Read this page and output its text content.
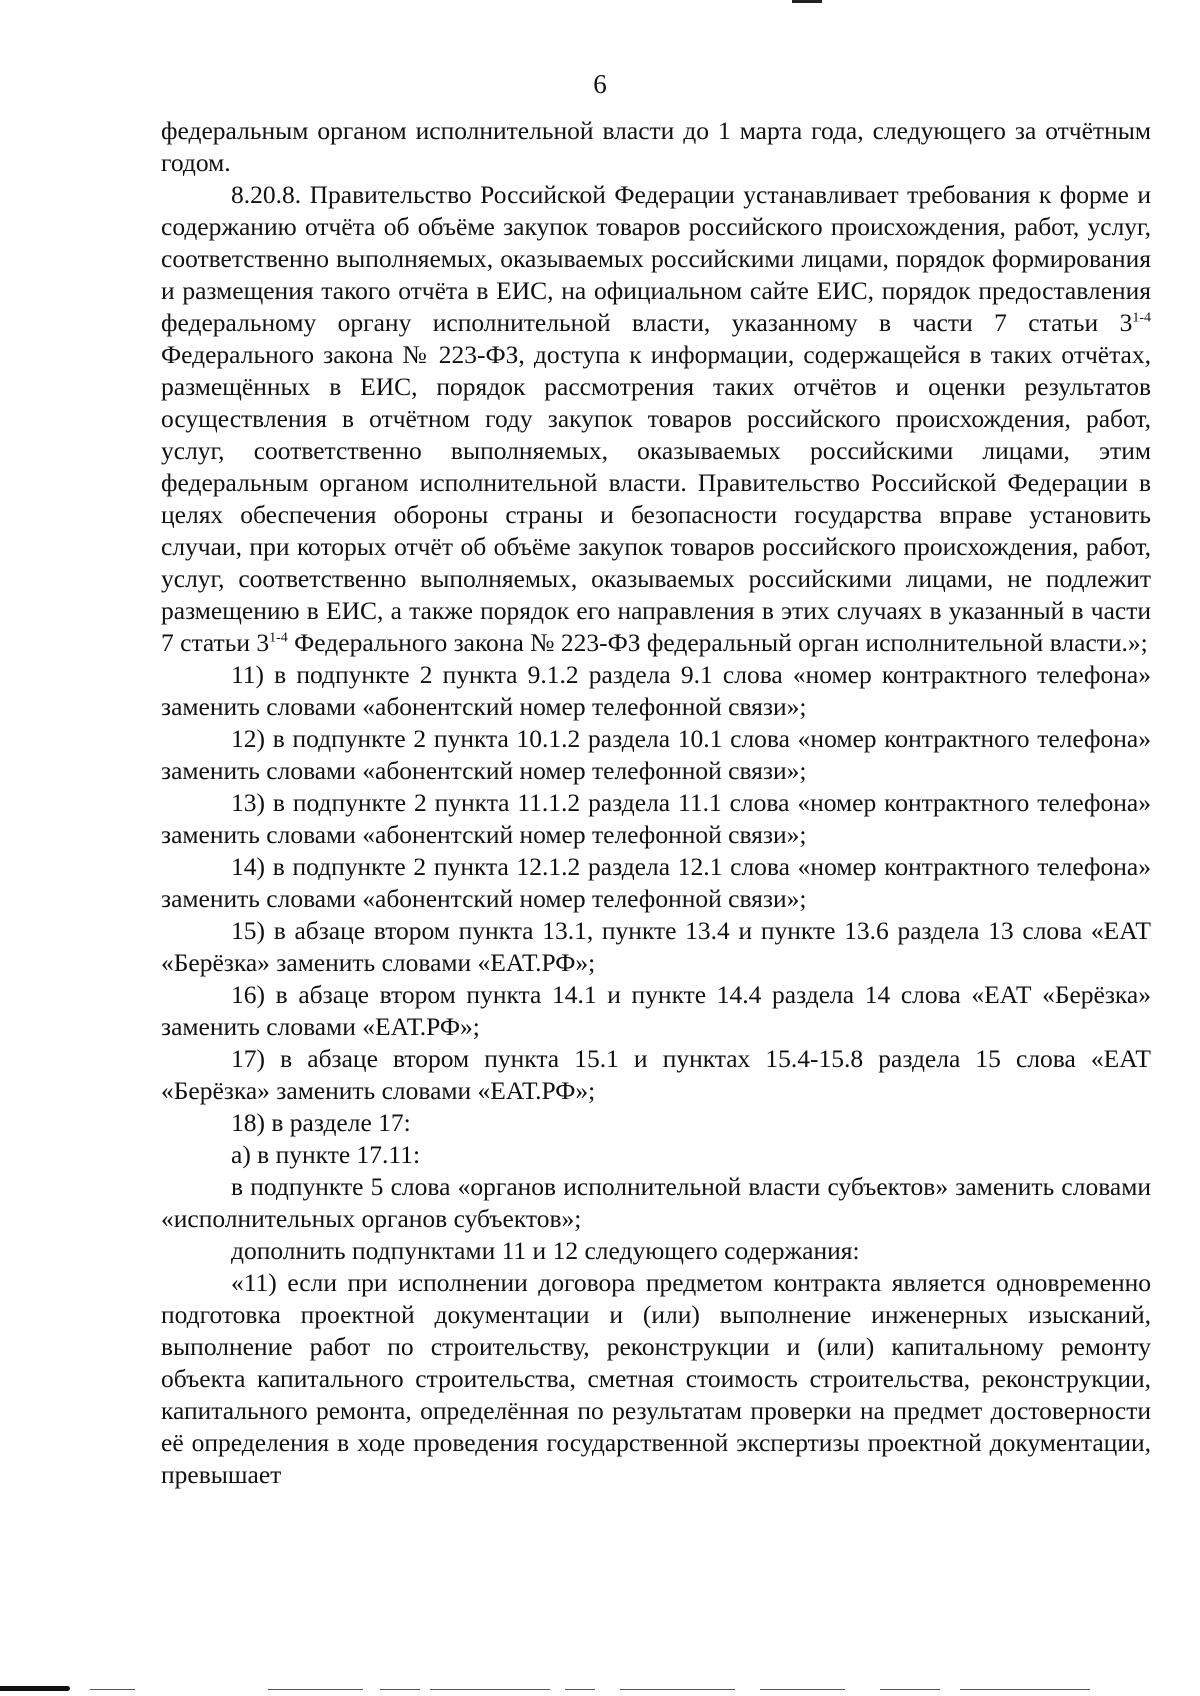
6

федеральным органом исполнительной власти до 1 марта года, следующего за отчётным годом.

8.20.8. Правительство Российской Федерации устанавливает требования к форме и содержанию отчёта об объёме закупок товаров российского происхождения, работ, услуг, соответственно выполняемых, оказываемых российскими лицами, порядок формирования и размещения такого отчёта в ЕИС, на официальном сайте ЕИС, порядок предоставления федеральному органу исполнительной власти, указанному в части 7 статьи 3$^{1-4}$ Федерального закона № 223-ФЗ, доступа к информации, содержащейся в таких отчётах, размещённых в ЕИС, порядок рассмотрения таких отчётов и оценки результатов осуществления в отчётном году закупок товаров российского происхождения, работ, услуг, соответственно выполняемых, оказываемых российскими лицами, этим федеральным органом исполнительной власти. Правительство Российской Федерации в целях обеспечения обороны страны и безопасности государства вправе установить случаи, при которых отчёт об объёме закупок товаров российского происхождения, работ, услуг, соответственно выполняемых, оказываемых российскими лицами, не подлежит размещению в ЕИС, а также порядок его направления в этих случаях в указанный в части 7 статьи 3$^{1-4}$ Федерального закона № 223-ФЗ федеральный орган исполнительной власти.»;

11) в подпункте 2 пункта 9.1.2 раздела 9.1 слова «номер контрактного телефона» заменить словами «абонентский номер телефонной связи»;

12) в подпункте 2 пункта 10.1.2 раздела 10.1 слова «номер контрактного телефона» заменить словами «абонентский номер телефонной связи»;

13) в подпункте 2 пункта 11.1.2 раздела 11.1 слова «номер контрактного телефона» заменить словами «абонентский номер телефонной связи»;

14) в подпункте 2 пункта 12.1.2 раздела 12.1 слова «номер контрактного телефона» заменить словами «абонентский номер телефонной связи»;

15) в абзаце втором пункта 13.1, пункте 13.4 и пункте 13.6 раздела 13 слова «ЕАТ «Берёзка» заменить словами «ЕАТ.РФ»;

16) в абзаце втором пункта 14.1 и пункте 14.4 раздела 14 слова «ЕАТ «Берёзка» заменить словами «ЕАТ.РФ»;

17) в абзаце втором пункта 15.1 и пунктах 15.4-15.8 раздела 15 слова «ЕАТ «Берёзка» заменить словами «ЕАТ.РФ»;

18) в разделе 17:

а) в пункте 17.11:

в подпункте 5 слова «органов исполнительной власти субъектов» заменить словами «исполнительных органов субъектов»;

дополнить подпунктами 11 и 12 следующего содержания:

«11) если при исполнении договора предметом контракта является одновременно подготовка проектной документации и (или) выполнение инженерных изысканий, выполнение работ по строительству, реконструкции и (или) капитальному ремонту объекта капитального строительства, сметная стоимость строительства, реконструкции, капитального ремонта, определённая по результатам проверки на предмет достоверности её определения в ходе проведения государственной экспертизы проектной документации, превышает
